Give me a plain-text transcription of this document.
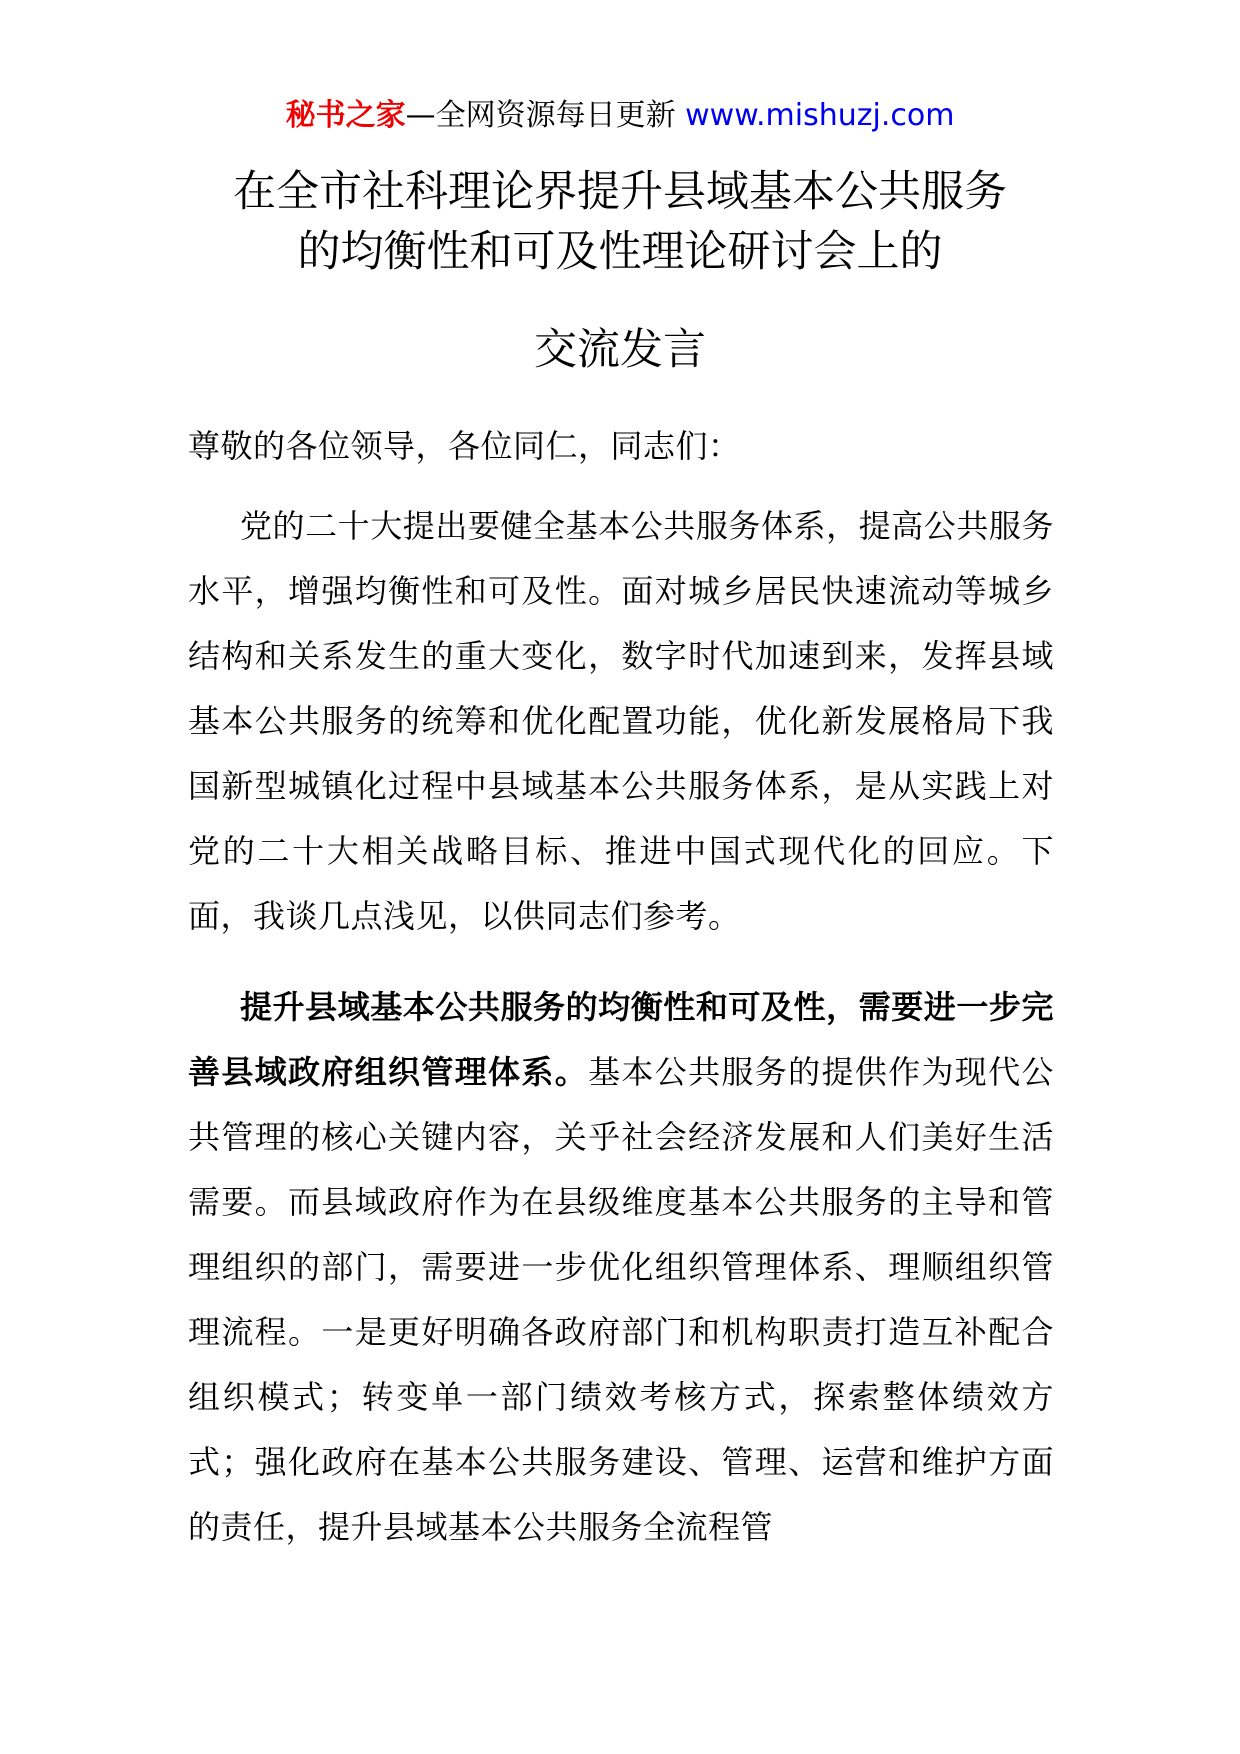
秘书之家—全网资源每日更新 www.mishuzj.com
在全市社科理论界提升县域基本公共服务
的均衡性和可及性理论研讨会上的
交流发言
尊敬的各位领导，各位同仁，同志们：
党的二十大提出要健全基本公共服务体系，提高公共服务水平，增强均衡性和可及性。面对城乡居民快速流动等城乡结构和关系发生的重大变化，数字时代加速到来，发挥县域基本公共服务的统筹和优化配置功能，优化新发展格局下我国新型城镇化过程中县域基本公共服务体系，是从实践上对党的二十大相关战略目标、推进中国式现代化的回应。下面，我谈几点浅见，以供同志们参考。
提升县域基本公共服务的均衡性和可及性，需要进一步完善县域政府组织管理体系。基本公共服务的提供作为现代公共管理的核心关键内容，关乎社会经济发展和人们美好生活需要。而县域政府作为在县级维度基本公共服务的主导和管理组织的部门，需要进一步优化组织管理体系、理顺组织管理流程。一是更好明确各政府部门和机构职责打造互补配合组织模式；转变单一部门绩效考核方式，探索整体绩效方式；强化政府在基本公共服务建设、管理、运营和维护方面的责任，提升县域基本公共服务全流程管
